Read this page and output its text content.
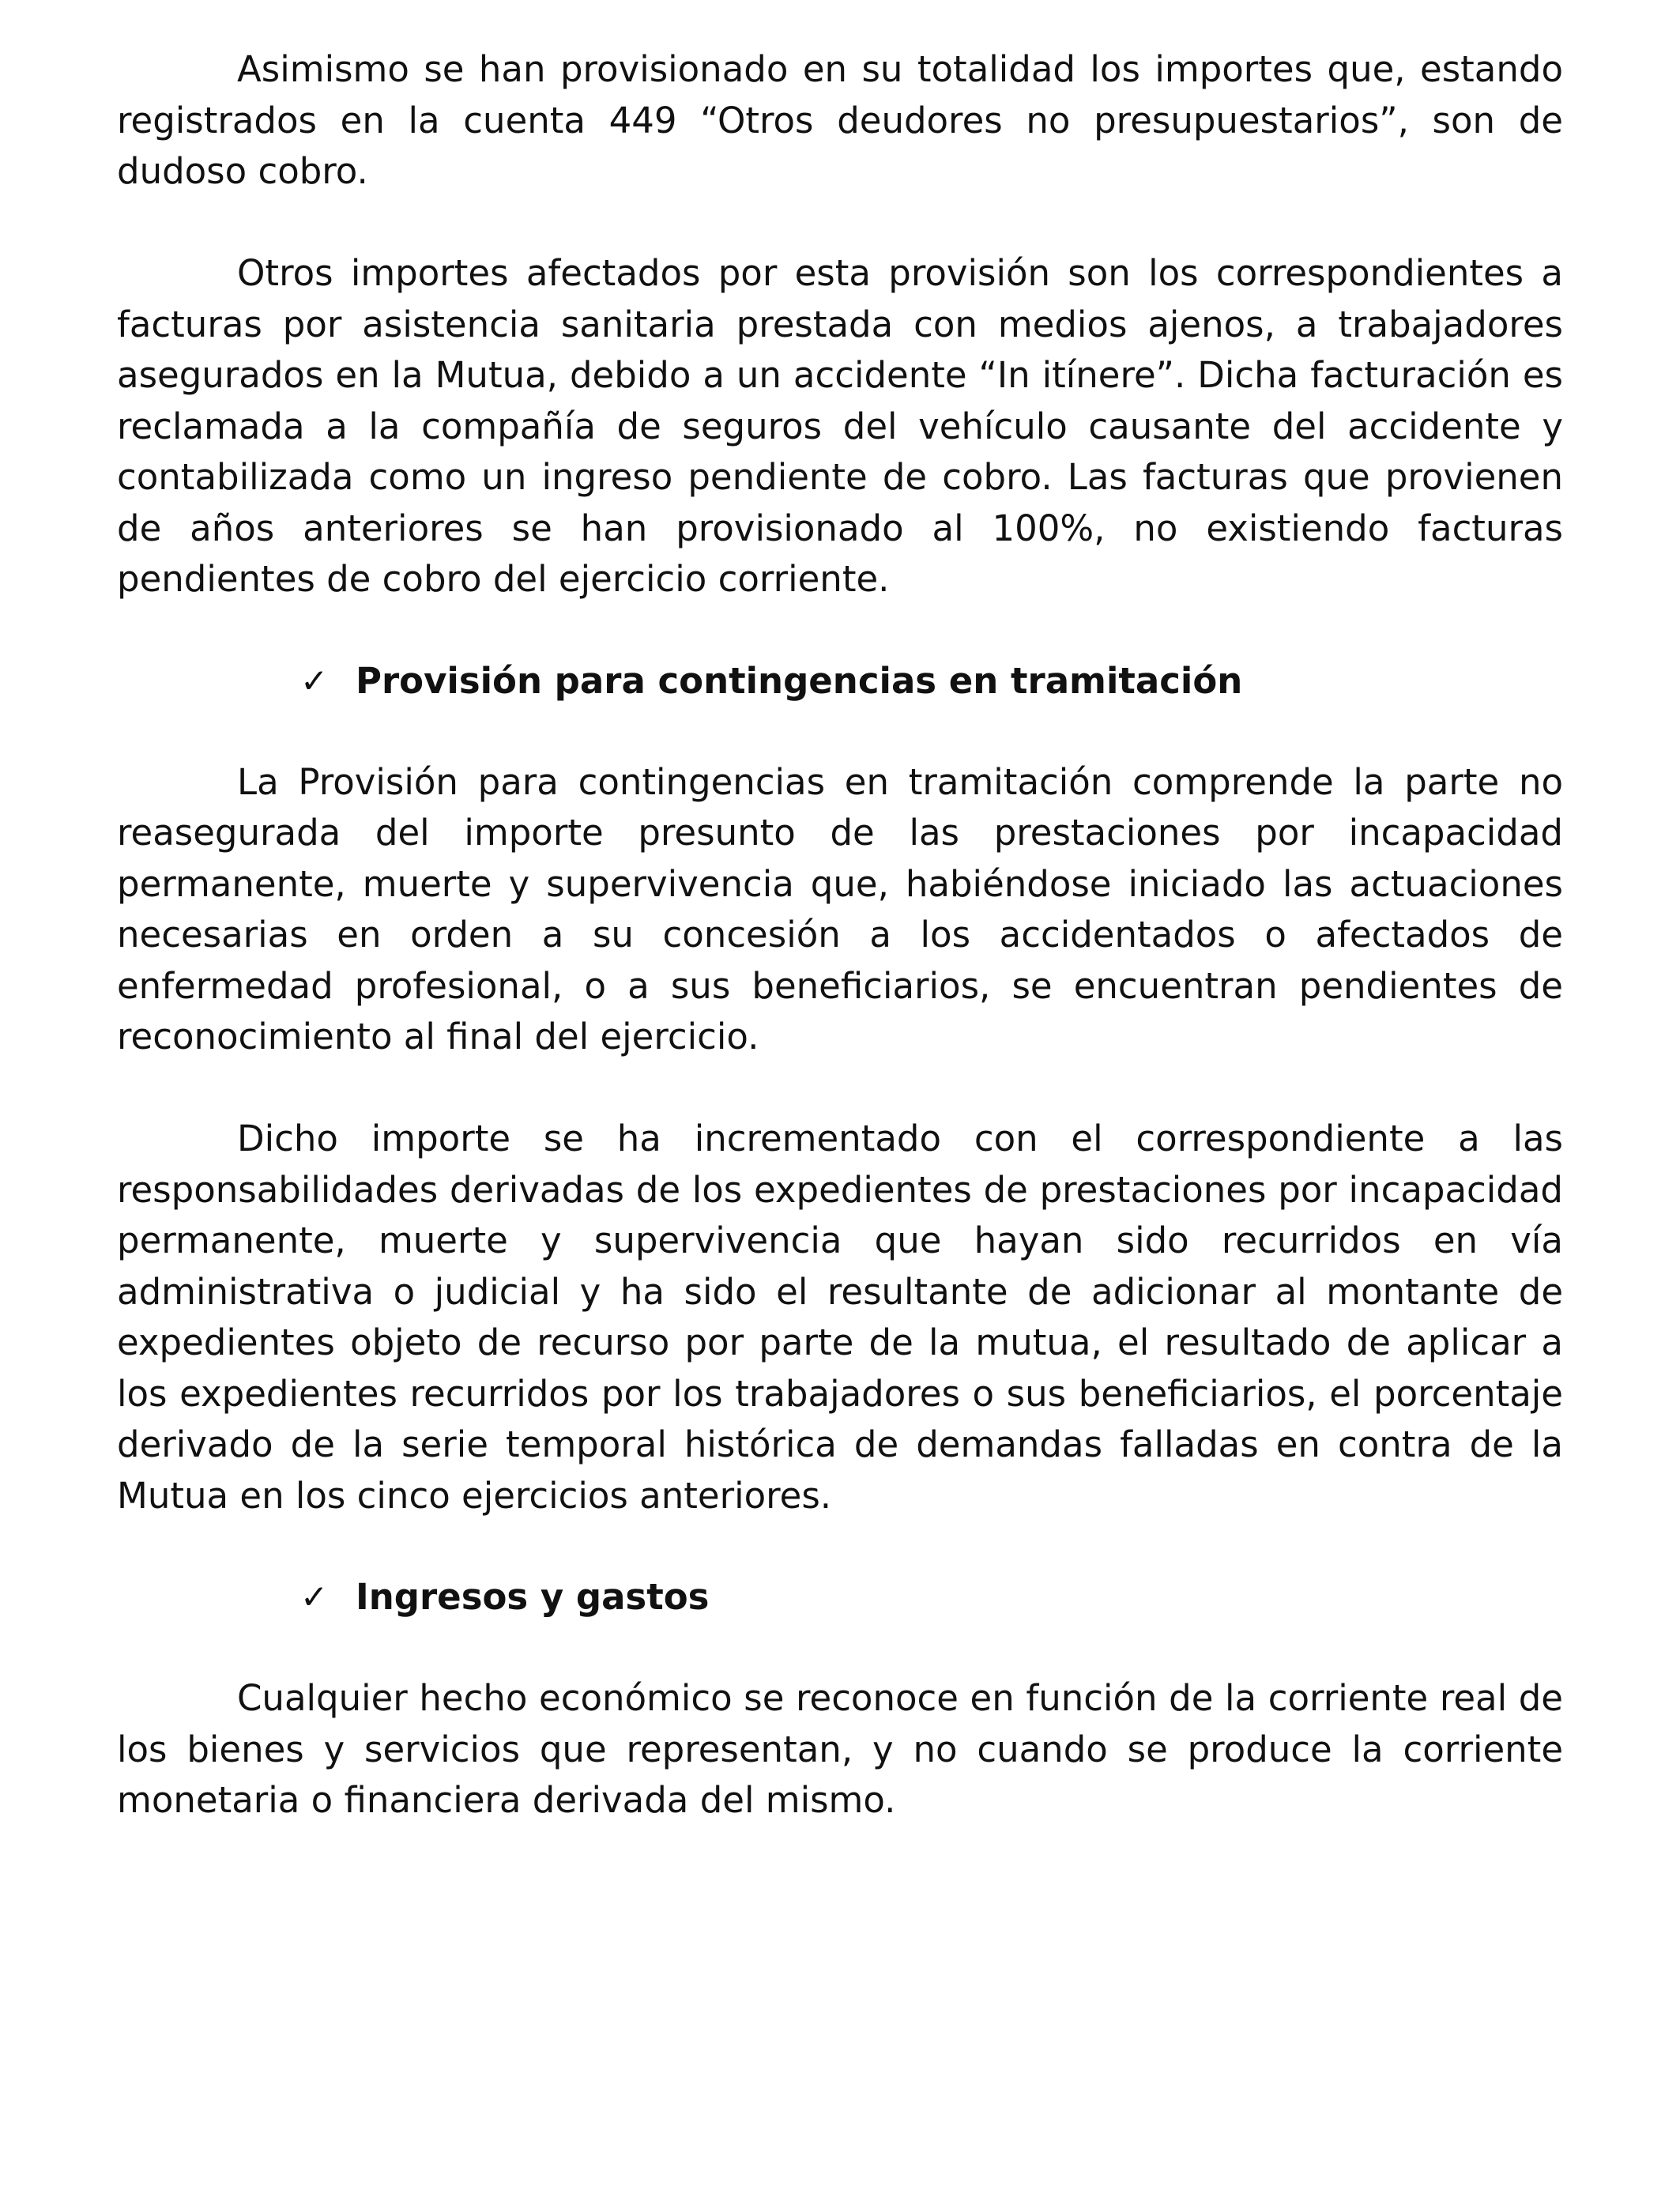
Asimismo se han provisionado en su totalidad los importes que, estando registrados en la cuenta 449 “Otros deudores no presupuestarios”, son de dudoso cobro.

Otros importes afectados por esta provisión son los correspondientes a facturas por asistencia sanitaria prestada con medios ajenos, a trabajadores asegurados en la Mutua, debido a un accidente “In itínere”. Dicha facturación es reclamada a la compañía de seguros del vehículo causante del accidente y contabilizada como un ingreso pendiente de cobro. Las facturas que provienen de años anteriores se han provisionado al 100%, no existiendo facturas pendientes de cobro del ejercicio corriente.

✓ Provisión para contingencias en tramitación

La Provisión para contingencias en tramitación comprende la parte no reasegurada del importe presunto de las prestaciones por incapacidad permanente, muerte y supervivencia que, habiéndose iniciado las actuaciones necesarias en orden a su concesión a los accidentados o afectados de enfermedad profesional, o a sus beneficiarios, se encuentran pendientes de reconocimiento al final del ejercicio.

Dicho importe se ha incrementado con el correspondiente a las responsabilidades derivadas de los expedientes de prestaciones por incapacidad permanente, muerte y supervivencia que hayan sido recurridos en vía administrativa o judicial y ha sido el resultante de adicionar al montante de expedientes objeto de recurso por parte de la mutua, el resultado de aplicar a los expedientes recurridos por los trabajadores o sus beneficiarios, el porcentaje derivado de la serie temporal histórica de demandas falladas en contra de la Mutua en los cinco ejercicios anteriores.

✓ Ingresos y gastos

Cualquier hecho económico se reconoce en función de la corriente real de los bienes y servicios que representan, y no cuando se produce la corriente monetaria o financiera derivada del mismo.
